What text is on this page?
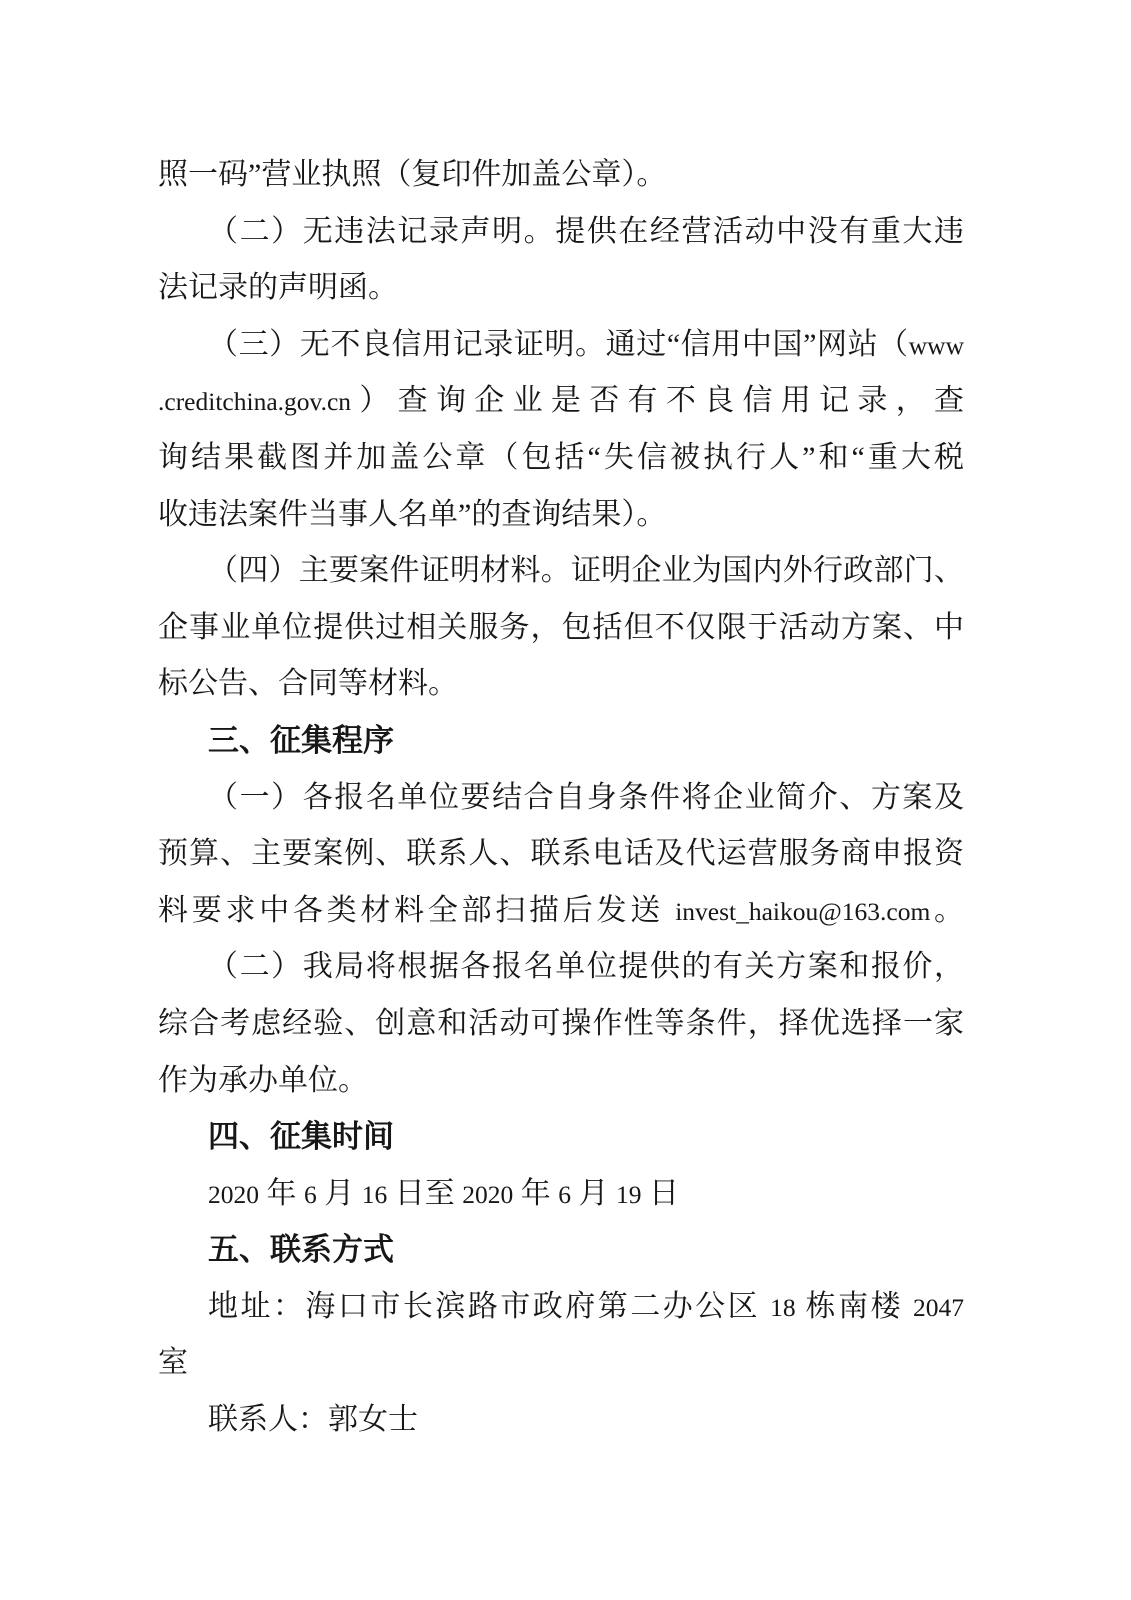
照一码”营业执照（复印件加盖公章）。
（二）无违法记录声明。提供在经营活动中没有重大违
法记录的声明函。
（三）无不良信用记录证明。通过“信用中国”网站（www
.creditchina.gov.cn）查询企业是否有不良信用记录，查
询结果截图并加盖公章（包括“失信被执行人”和“重大税
收违法案件当事人名单”的查询结果）。
（四）主要案件证明材料。证明企业为国内外行政部门、
企事业单位提供过相关服务，包括但不仅限于活动方案、中
标公告、合同等材料。
三、征集程序
（一）各报名单位要结合自身条件将企业简介、方案及
预算、主要案例、联系人、联系电话及代运营服务商申报资
料要求中各类材料全部扫描后发送 invest_haikou@163.com。
（二）我局将根据各报名单位提供的有关方案和报价，
综合考虑经验、创意和活动可操作性等条件，择优选择一家
作为承办单位。
四、征集时间
2020 年 6 月 16 日至 2020 年 6 月 19 日
五、联系方式
地址：海口市长滨路市政府第二办公区 18 栋南楼 2047
室
联系人：郭女士
